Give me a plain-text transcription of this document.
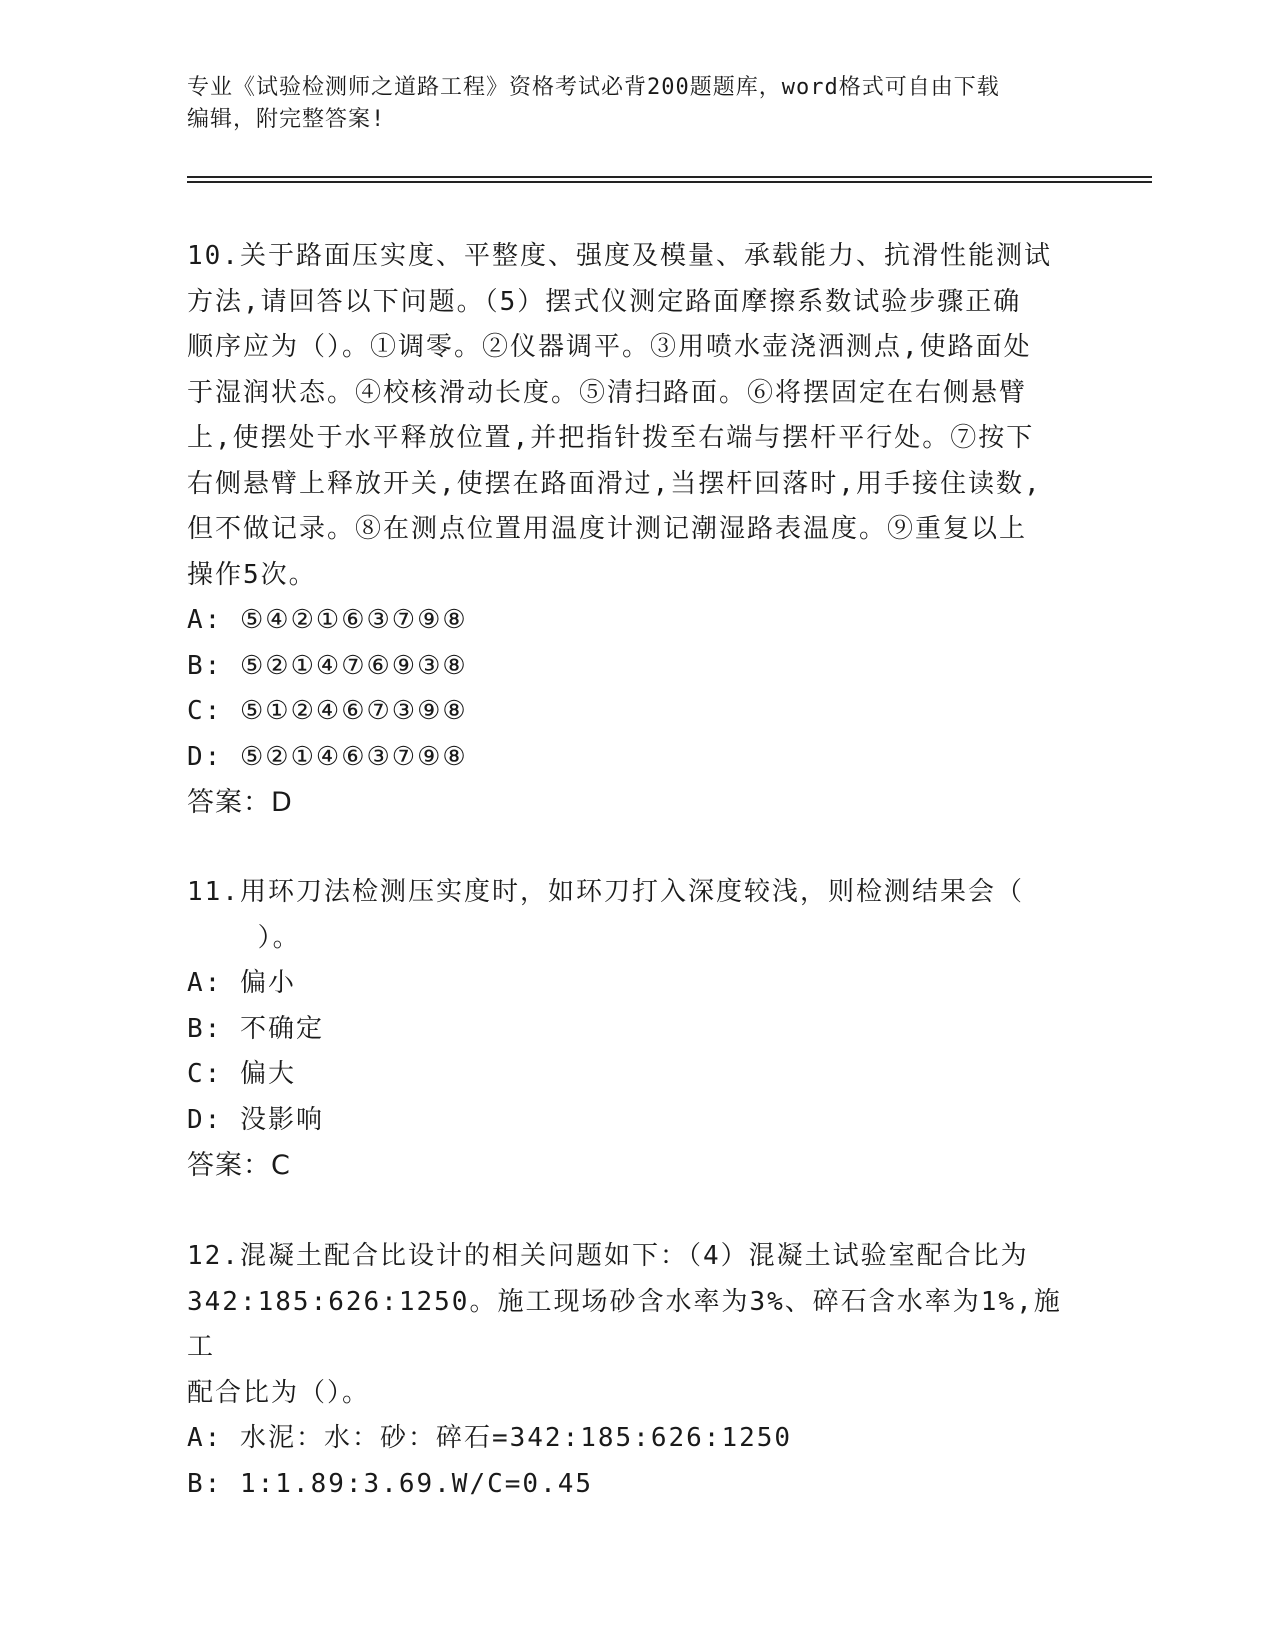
专业《试验检测师之道路工程》资格考试必背200题题库，word格式可自由下载
编辑，附完整答案!

10.关于路面压实度、平整度、强度及模量、承载能力、抗滑性能测试

方法,请回答以下问题。（5）摆式仪测定路面摩擦系数试验步骤正确

顺序应为（）。①调零。②仪器调平。③用喷水壶浇洒测点,使路面处

于湿润状态。④校核滑动长度。⑤清扫路面。⑥将摆固定在右侧悬臂

上,使摆处于水平释放位置,并把指针拨至右端与摆杆平行处。⑦按下

右侧悬臂上释放开关,使摆在路面滑过,当摆杆回落时,用手接住读数,

但不做记录。⑧在测点位置用温度计测记潮湿路表温度。⑨重复以上

操作5次。

A: ⑤④②①⑥③⑦⑨⑧

B: ⑤②①④⑦⑥⑨③⑧

C: ⑤①②④⑥⑦③⑨⑧

D: ⑤②①④⑥③⑦⑨⑧

答案：D

11.用环刀法检测压实度时，如环刀打入深度较浅，则检测结果会（

）。

A: 偏小

B: 不确定

C: 偏大

D: 没影响

答案：C

12.混凝土配合比设计的相关问题如下：（4）混凝土试验室配合比为

342:185:626:1250。施工现场砂含水率为3%、碎石含水率为1%,施工

配合比为（）。

A: 水泥：水：砂：碎石=342:185:626:1250

B: 1:1.89:3.69.W/C=0.45
